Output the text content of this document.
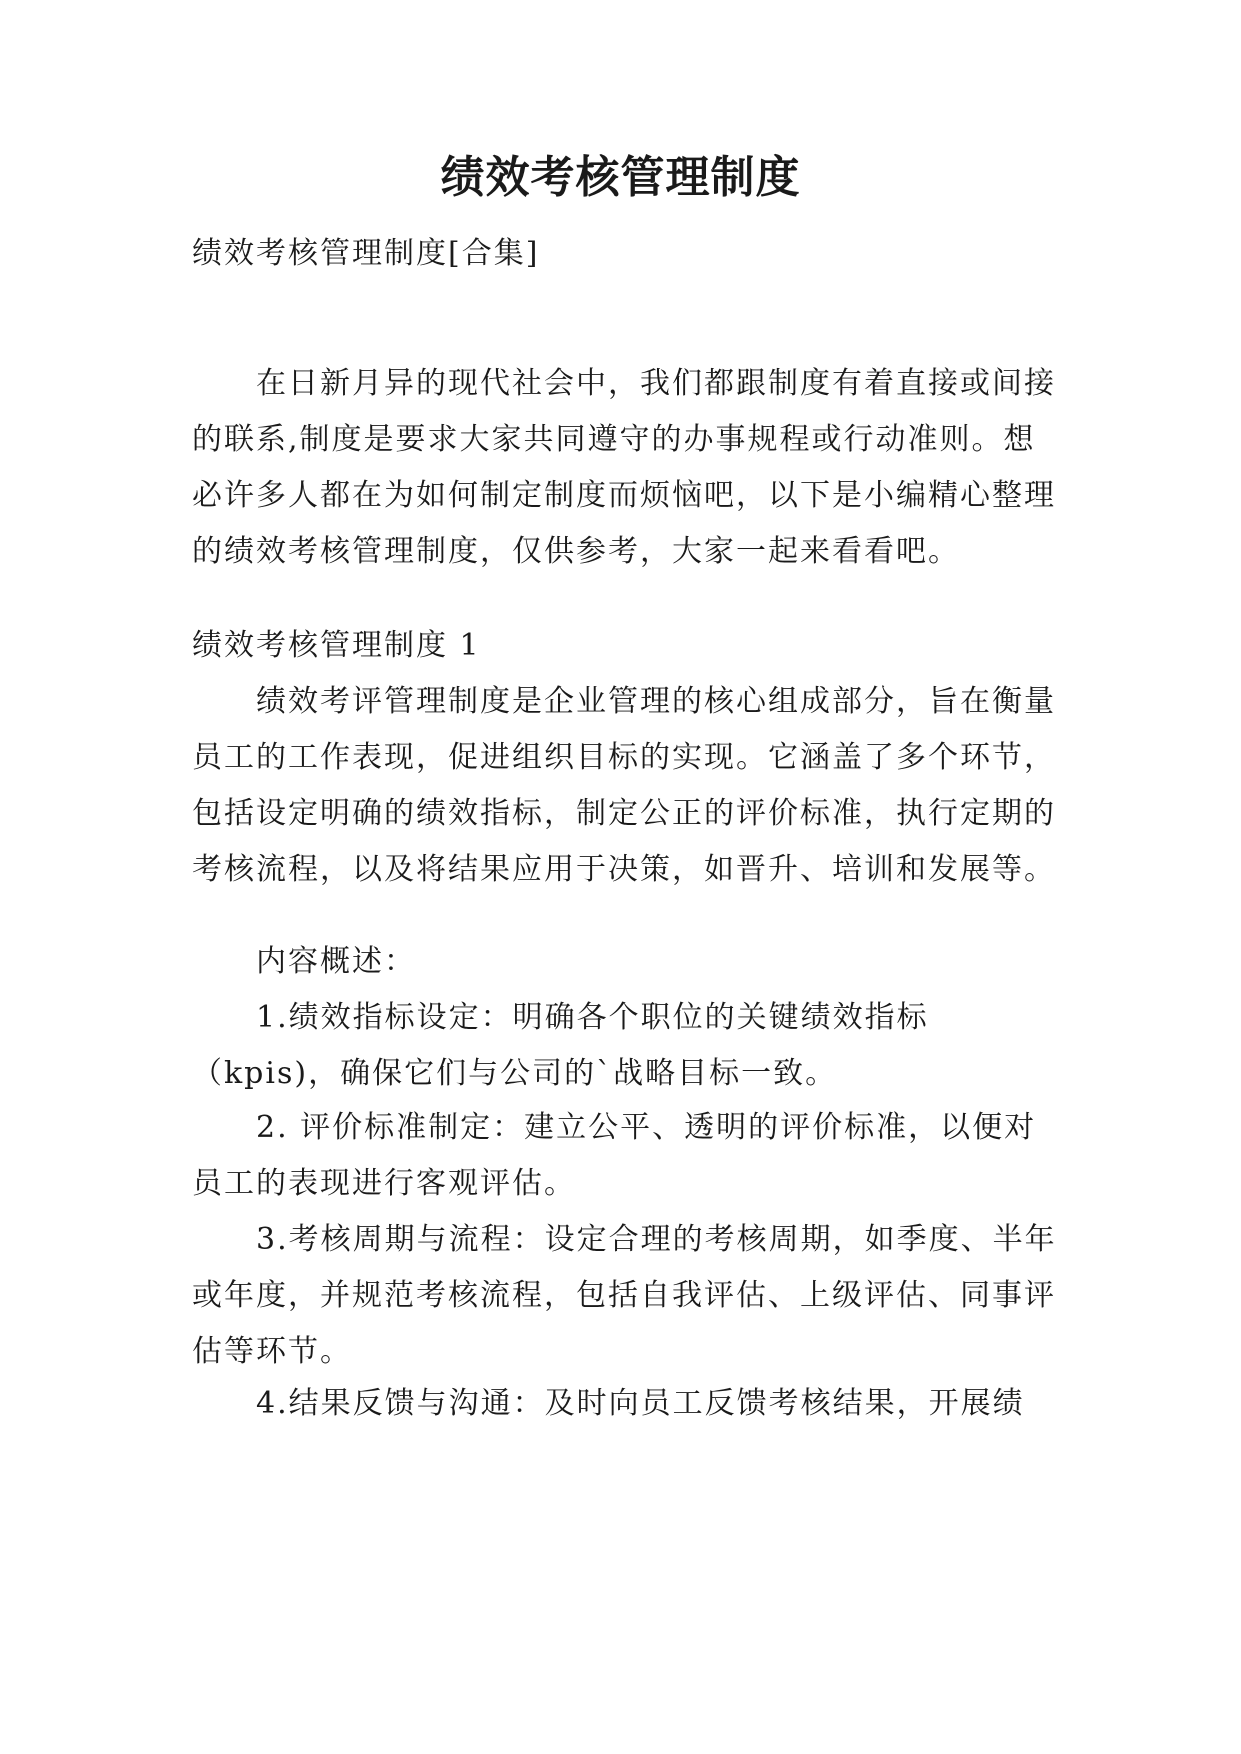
绩效考核管理制度

绩效考核管理制度[合集]

在日新月异的现代社会中，我们都跟制度有着直接或间接的联系,制度是要求大家共同遵守的办事规程或行动准则。想必许多人都在为如何制定制度而烦恼吧，以下是小编精心整理的绩效考核管理制度，仅供参考，大家一起来看看吧。

绩效考核管理制度 1

绩效考评管理制度是企业管理的核心组成部分，旨在衡量员工的工作表现，促进组织目标的实现。它涵盖了多个环节，包括设定明确的绩效指标，制定公正的评价标准，执行定期的考核流程，以及将结果应用于决策，如晋升、培训和发展等。

内容概述：

1.绩效指标设定：明确各个职位的关键绩效指标（kpis)，确保它们与公司的`战略目标一致。

2. 评价标准制定：建立公平、透明的评价标准，以便对员工的表现进行客观评估。

3.考核周期与流程：设定合理的考核周期，如季度、半年或年度，并规范考核流程，包括自我评估、上级评估、同事评估等环节。

4.结果反馈与沟通：及时向员工反馈考核结果，开展绩
